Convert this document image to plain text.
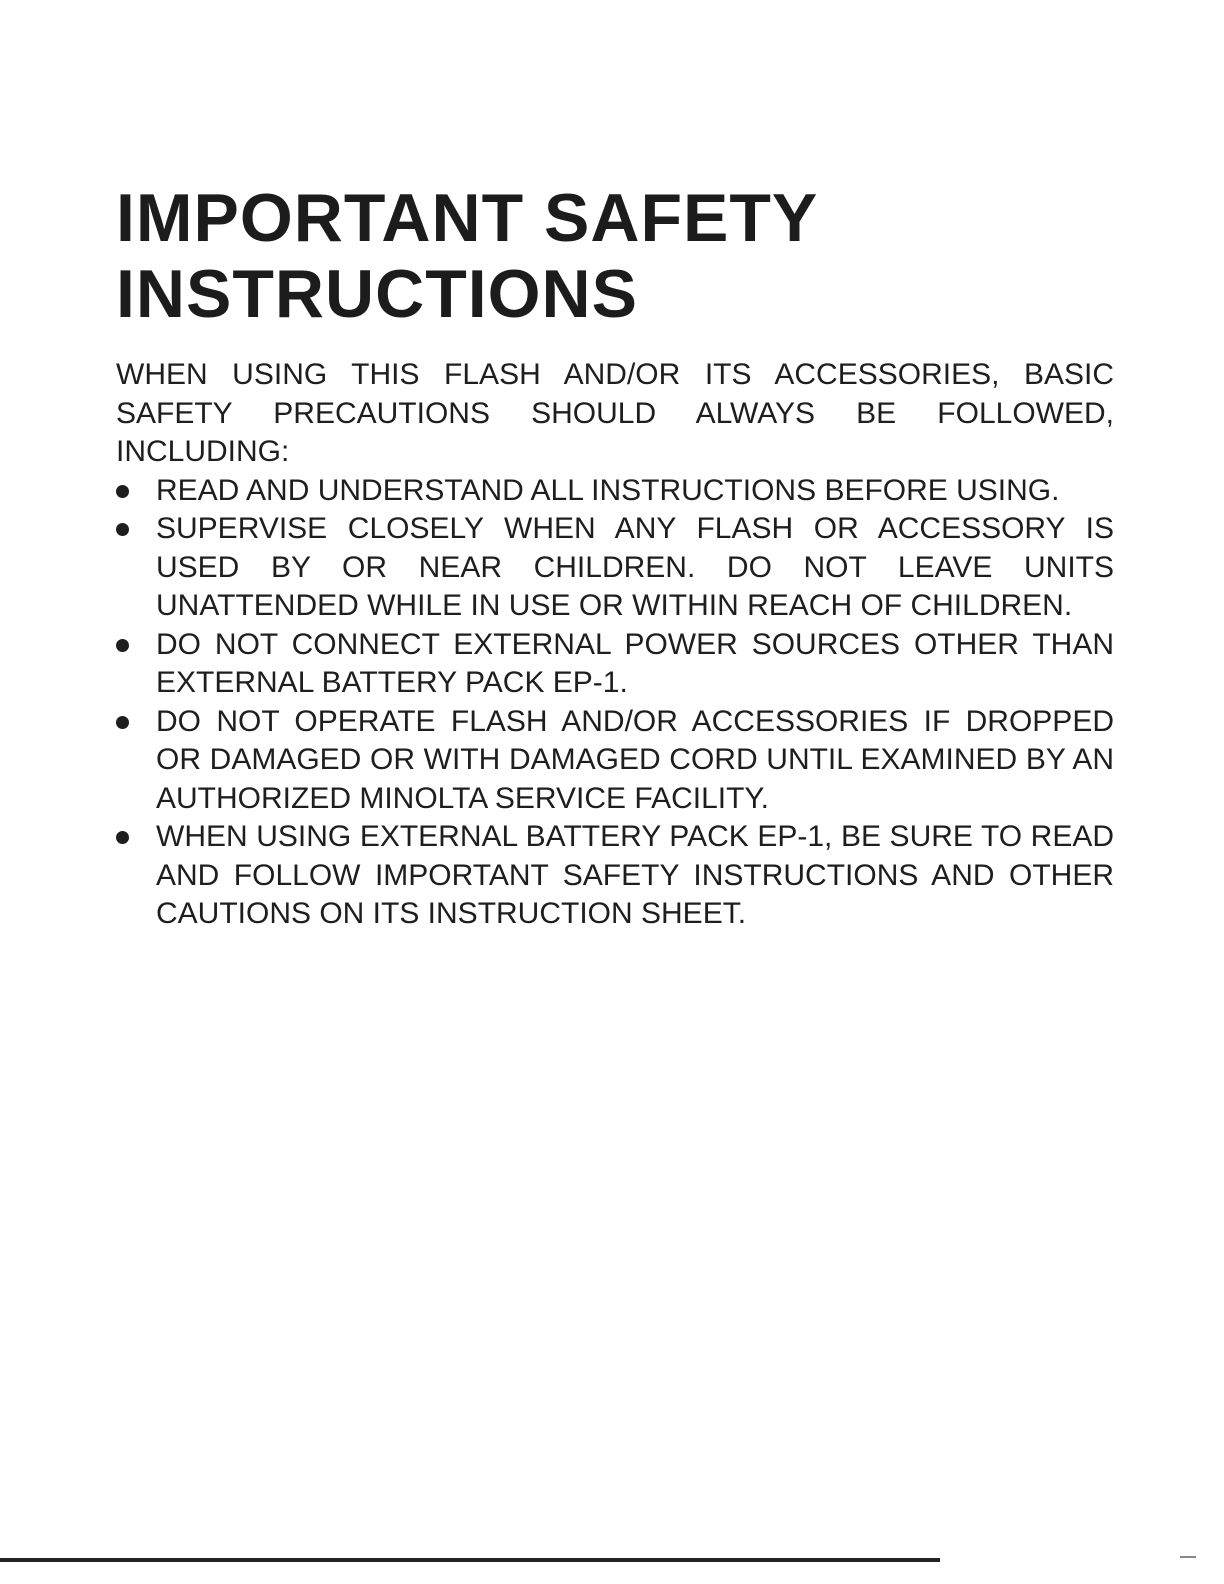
IMPORTANT SAFETY
INSTRUCTIONS

WHEN USING THIS FLASH AND/OR ITS ACCESSORIES, BASIC SAFETY PRECAUTIONS SHOULD ALWAYS BE FOLLOWED, INCLUDING:

READ AND UNDERSTAND ALL INSTRUCTIONS BEFORE USING.
SUPERVISE CLOSELY WHEN ANY FLASH OR ACCESSORY IS USED BY OR NEAR CHILDREN. DO NOT LEAVE UNITS UNATTENDED WHILE IN USE OR WITHIN REACH OF CHILDREN.
DO NOT CONNECT EXTERNAL POWER SOURCES OTHER THAN EXTERNAL BATTERY PACK EP-1.
DO NOT OPERATE FLASH AND/OR ACCESSORIES IF DROPPED OR DAMAGED OR WITH DAMAGED CORD UNTIL EXAMINED BY AN AUTHORIZED MINOLTA SERVICE FACILITY.
WHEN USING EXTERNAL BATTERY PACK EP-1, BE SURE TO READ AND FOLLOW IMPORTANT SAFETY INSTRUCTIONS AND OTHER CAUTIONS ON ITS INSTRUCTION SHEET.
